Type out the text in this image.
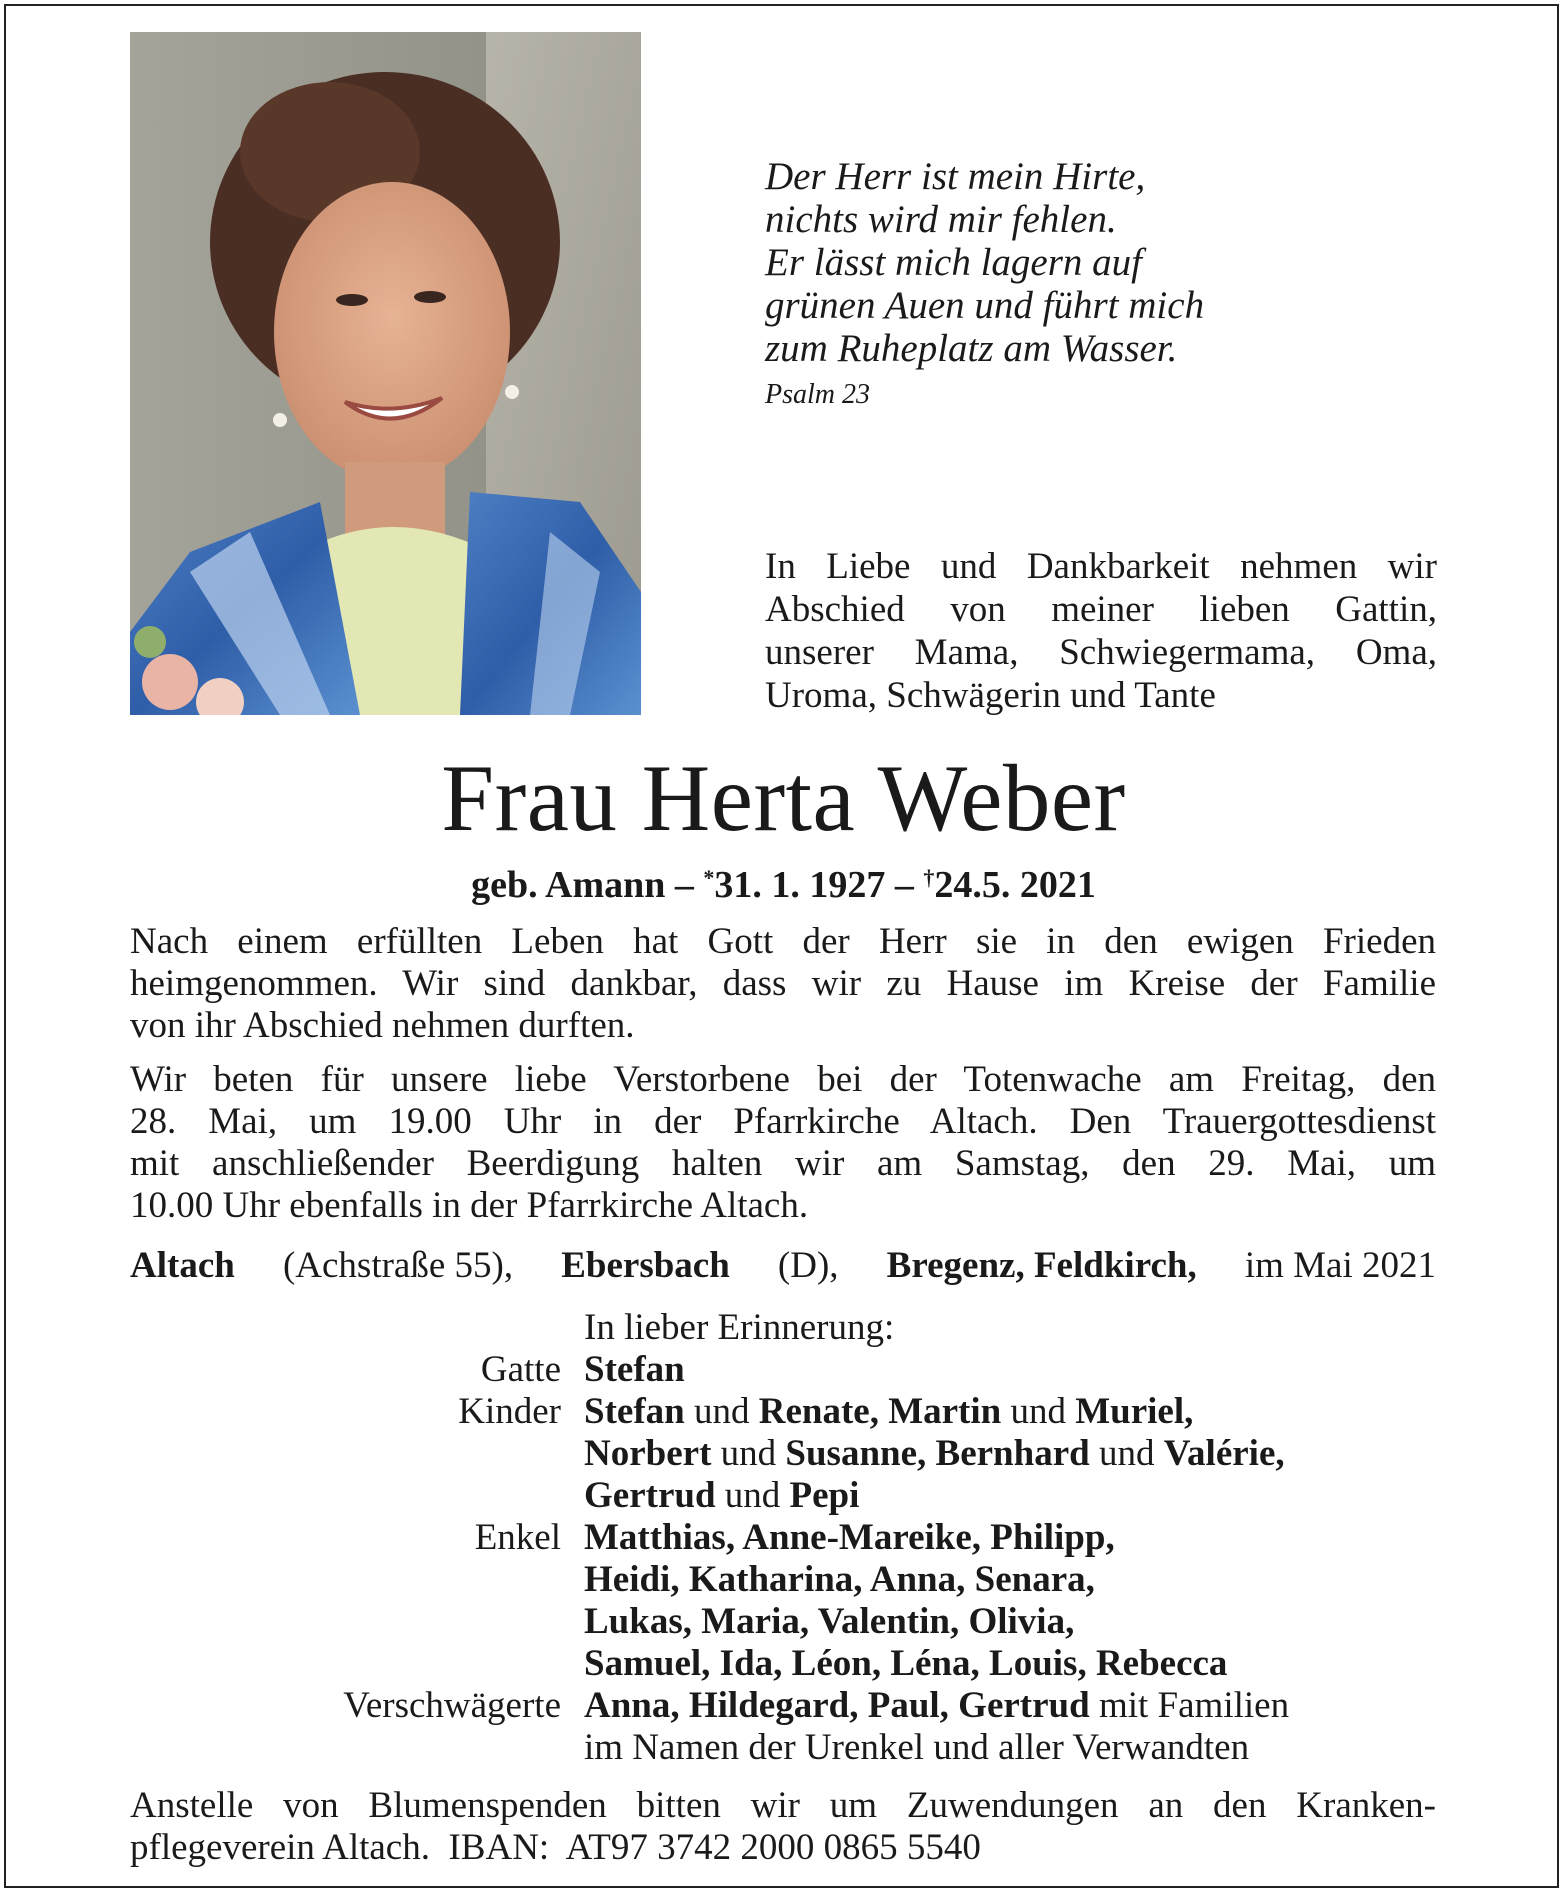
Der Herr ist mein Hirte,
nichts wird mir fehlen.
Er lässt mich lagern auf
grünen Auen und führt mich
zum Ruheplatz am Wasser.
Psalm 23
In Liebe und Dankbarkeit nehmen wir
Abschied von meiner lieben Gattin,
unserer Mama, Schwiegermama, Oma,
Uroma, Schwägerin und Tante
Frau Herta Weber
geb. Amann – *31. 1. 1927 – †24.5. 2021
Nach einem erfüllten Leben hat Gott der Herr sie in den ewigen Frieden
heimgenommen. Wir sind dankbar, dass wir zu Hause im Kreise der Familie
von ihr Abschied nehmen durften.
Wir beten für unsere liebe Verstorbene bei der Totenwache am Freitag, den
28. Mai, um 19.00 Uhr in der Pfarrkirche Altach. Den Trauergottesdienst
mit anschließender Beerdigung halten wir am Samstag, den 29. Mai, um
10.00 Uhr ebenfalls in der Pfarrkirche Altach.
Altach (Achstraße 55), Ebersbach (D), Bregenz, Feldkirch, im Mai 2021
In lieber Erinnerung:
Gatte Stefan
Kinder Stefan und Renate, Martin und Muriel,
Norbert und Susanne, Bernhard und Valérie,
Gertrud und Pepi
Enkel Matthias, Anne-Mareike, Philipp,
Heidi, Katharina, Anna, Senara,
Lukas, Maria, Valentin, Olivia,
Samuel, Ida, Léon, Léna, Louis, Rebecca
Verschwägerte Anna, Hildegard, Paul, Gertrud mit Familien
im Namen der Urenkel und aller Verwandten
Anstelle von Blumenspenden bitten wir um Zuwendungen an den Kranken-
pflegeverein Altach.  IBAN:  AT97 3742 2000 0865 5540
